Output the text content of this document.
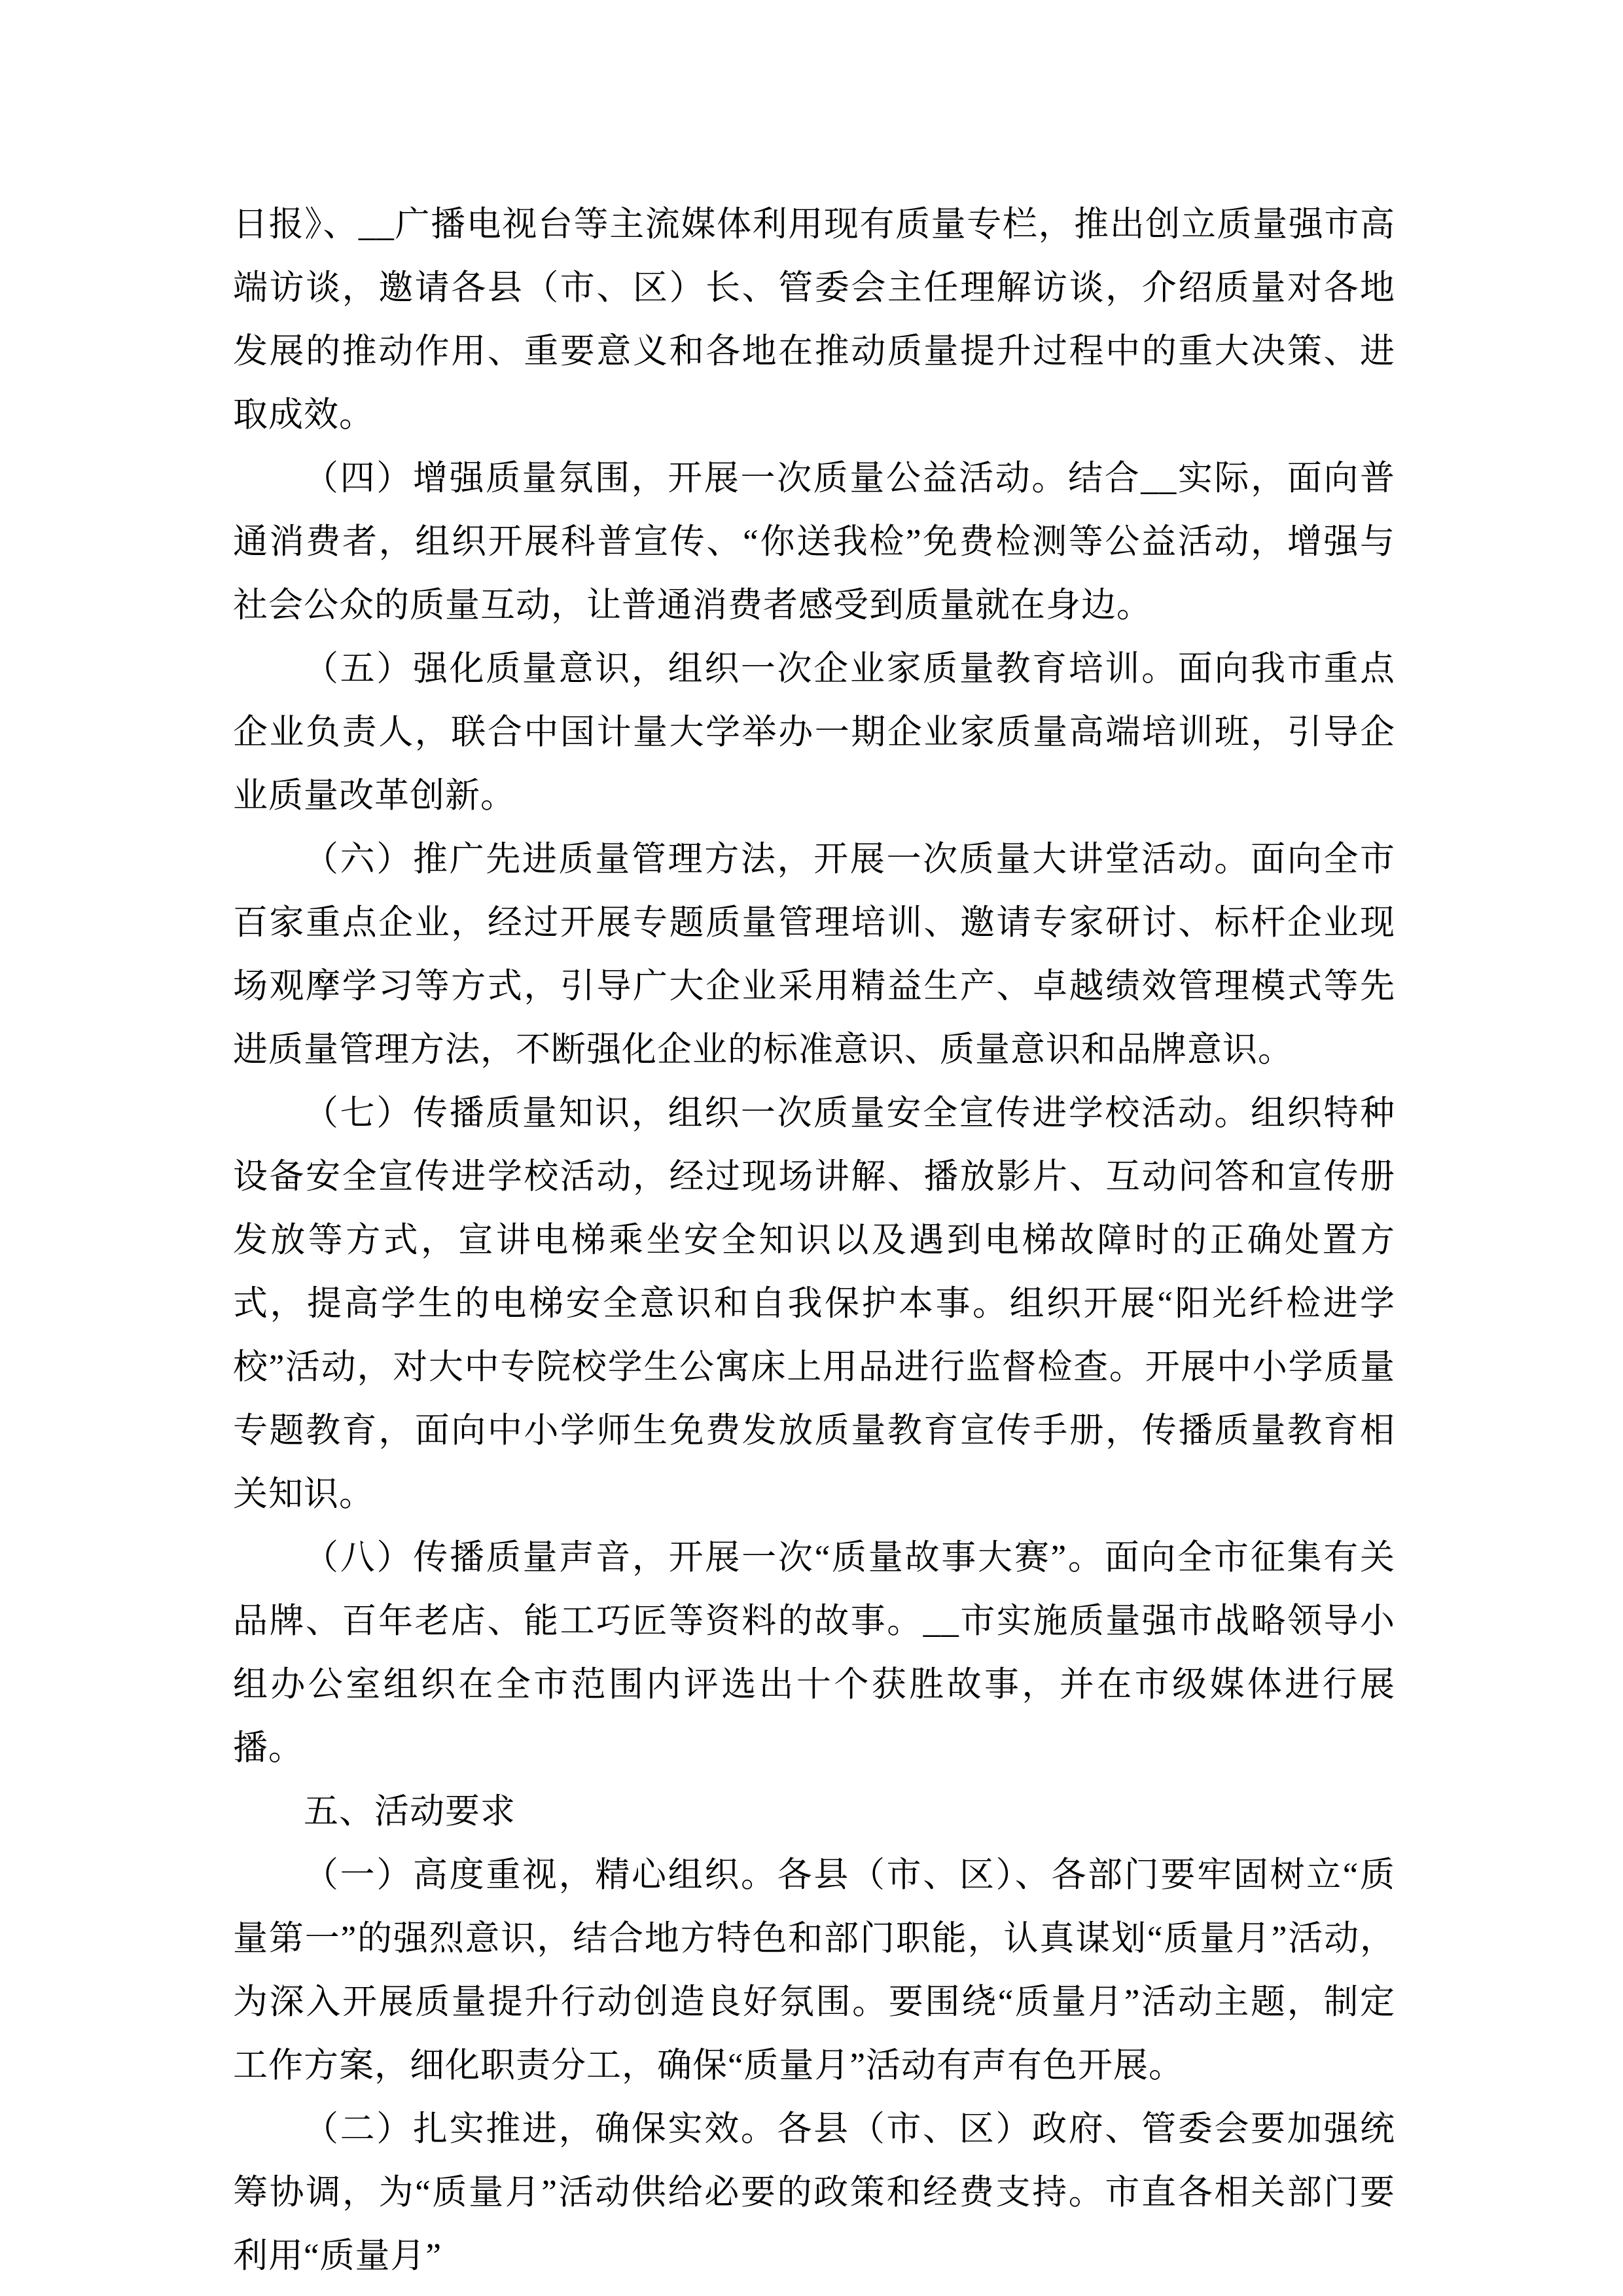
日报》、__广播电视台等主流媒体利用现有质量专栏，推出创立质量强市高端访谈，邀请各县（市、区）长、管委会主任理解访谈，介绍质量对各地发展的推动作用、重要意义和各地在推动质量提升过程中的重大决策、进取成效。

（四）增强质量氛围，开展一次质量公益活动。结合__实际，面向普通消费者，组织开展科普宣传、“你送我检”免费检测等公益活动，增强与社会公众的质量互动，让普通消费者感受到质量就在身边。

（五）强化质量意识，组织一次企业家质量教育培训。面向我市重点企业负责人，联合中国计量大学举办一期企业家质量高端培训班，引导企业质量改革创新。

（六）推广先进质量管理方法，开展一次质量大讲堂活动。面向全市百家重点企业，经过开展专题质量管理培训、邀请专家研讨、标杆企业现场观摩学习等方式，引导广大企业采用精益生产、卓越绩效管理模式等先进质量管理方法，不断强化企业的标准意识、质量意识和品牌意识。

（七）传播质量知识，组织一次质量安全宣传进学校活动。组织特种设备安全宣传进学校活动，经过现场讲解、播放影片、互动问答和宣传册发放等方式，宣讲电梯乘坐安全知识以及遇到电梯故障时的正确处置方式，提高学生的电梯安全意识和自我保护本事。组织开展“阳光纤检进学校”活动，对大中专院校学生公寓床上用品进行监督检查。开展中小学质量专题教育，面向中小学师生免费发放质量教育宣传手册，传播质量教育相关知识。

（八）传播质量声音，开展一次“质量故事大赛”。面向全市征集有关品牌、百年老店、能工巧匠等资料的故事。__市实施质量强市战略领导小组办公室组织在全市范围内评选出十个获胜故事，并在市级媒体进行展播。

五、活动要求

（一）高度重视，精心组织。各县（市、区）、各部门要牢固树立“质量第一”的强烈意识，结合地方特色和部门职能，认真谋划“质量月”活动，为深入开展质量提升行动创造良好氛围。要围绕“质量月”活动主题，制定工作方案，细化职责分工，确保“质量月”活动有声有色开展。

（二）扎实推进，确保实效。各县（市、区）政府、管委会要加强统筹协调，为“质量月”活动供给必要的政策和经费支持。市直各相关部门要利用“质量月”
